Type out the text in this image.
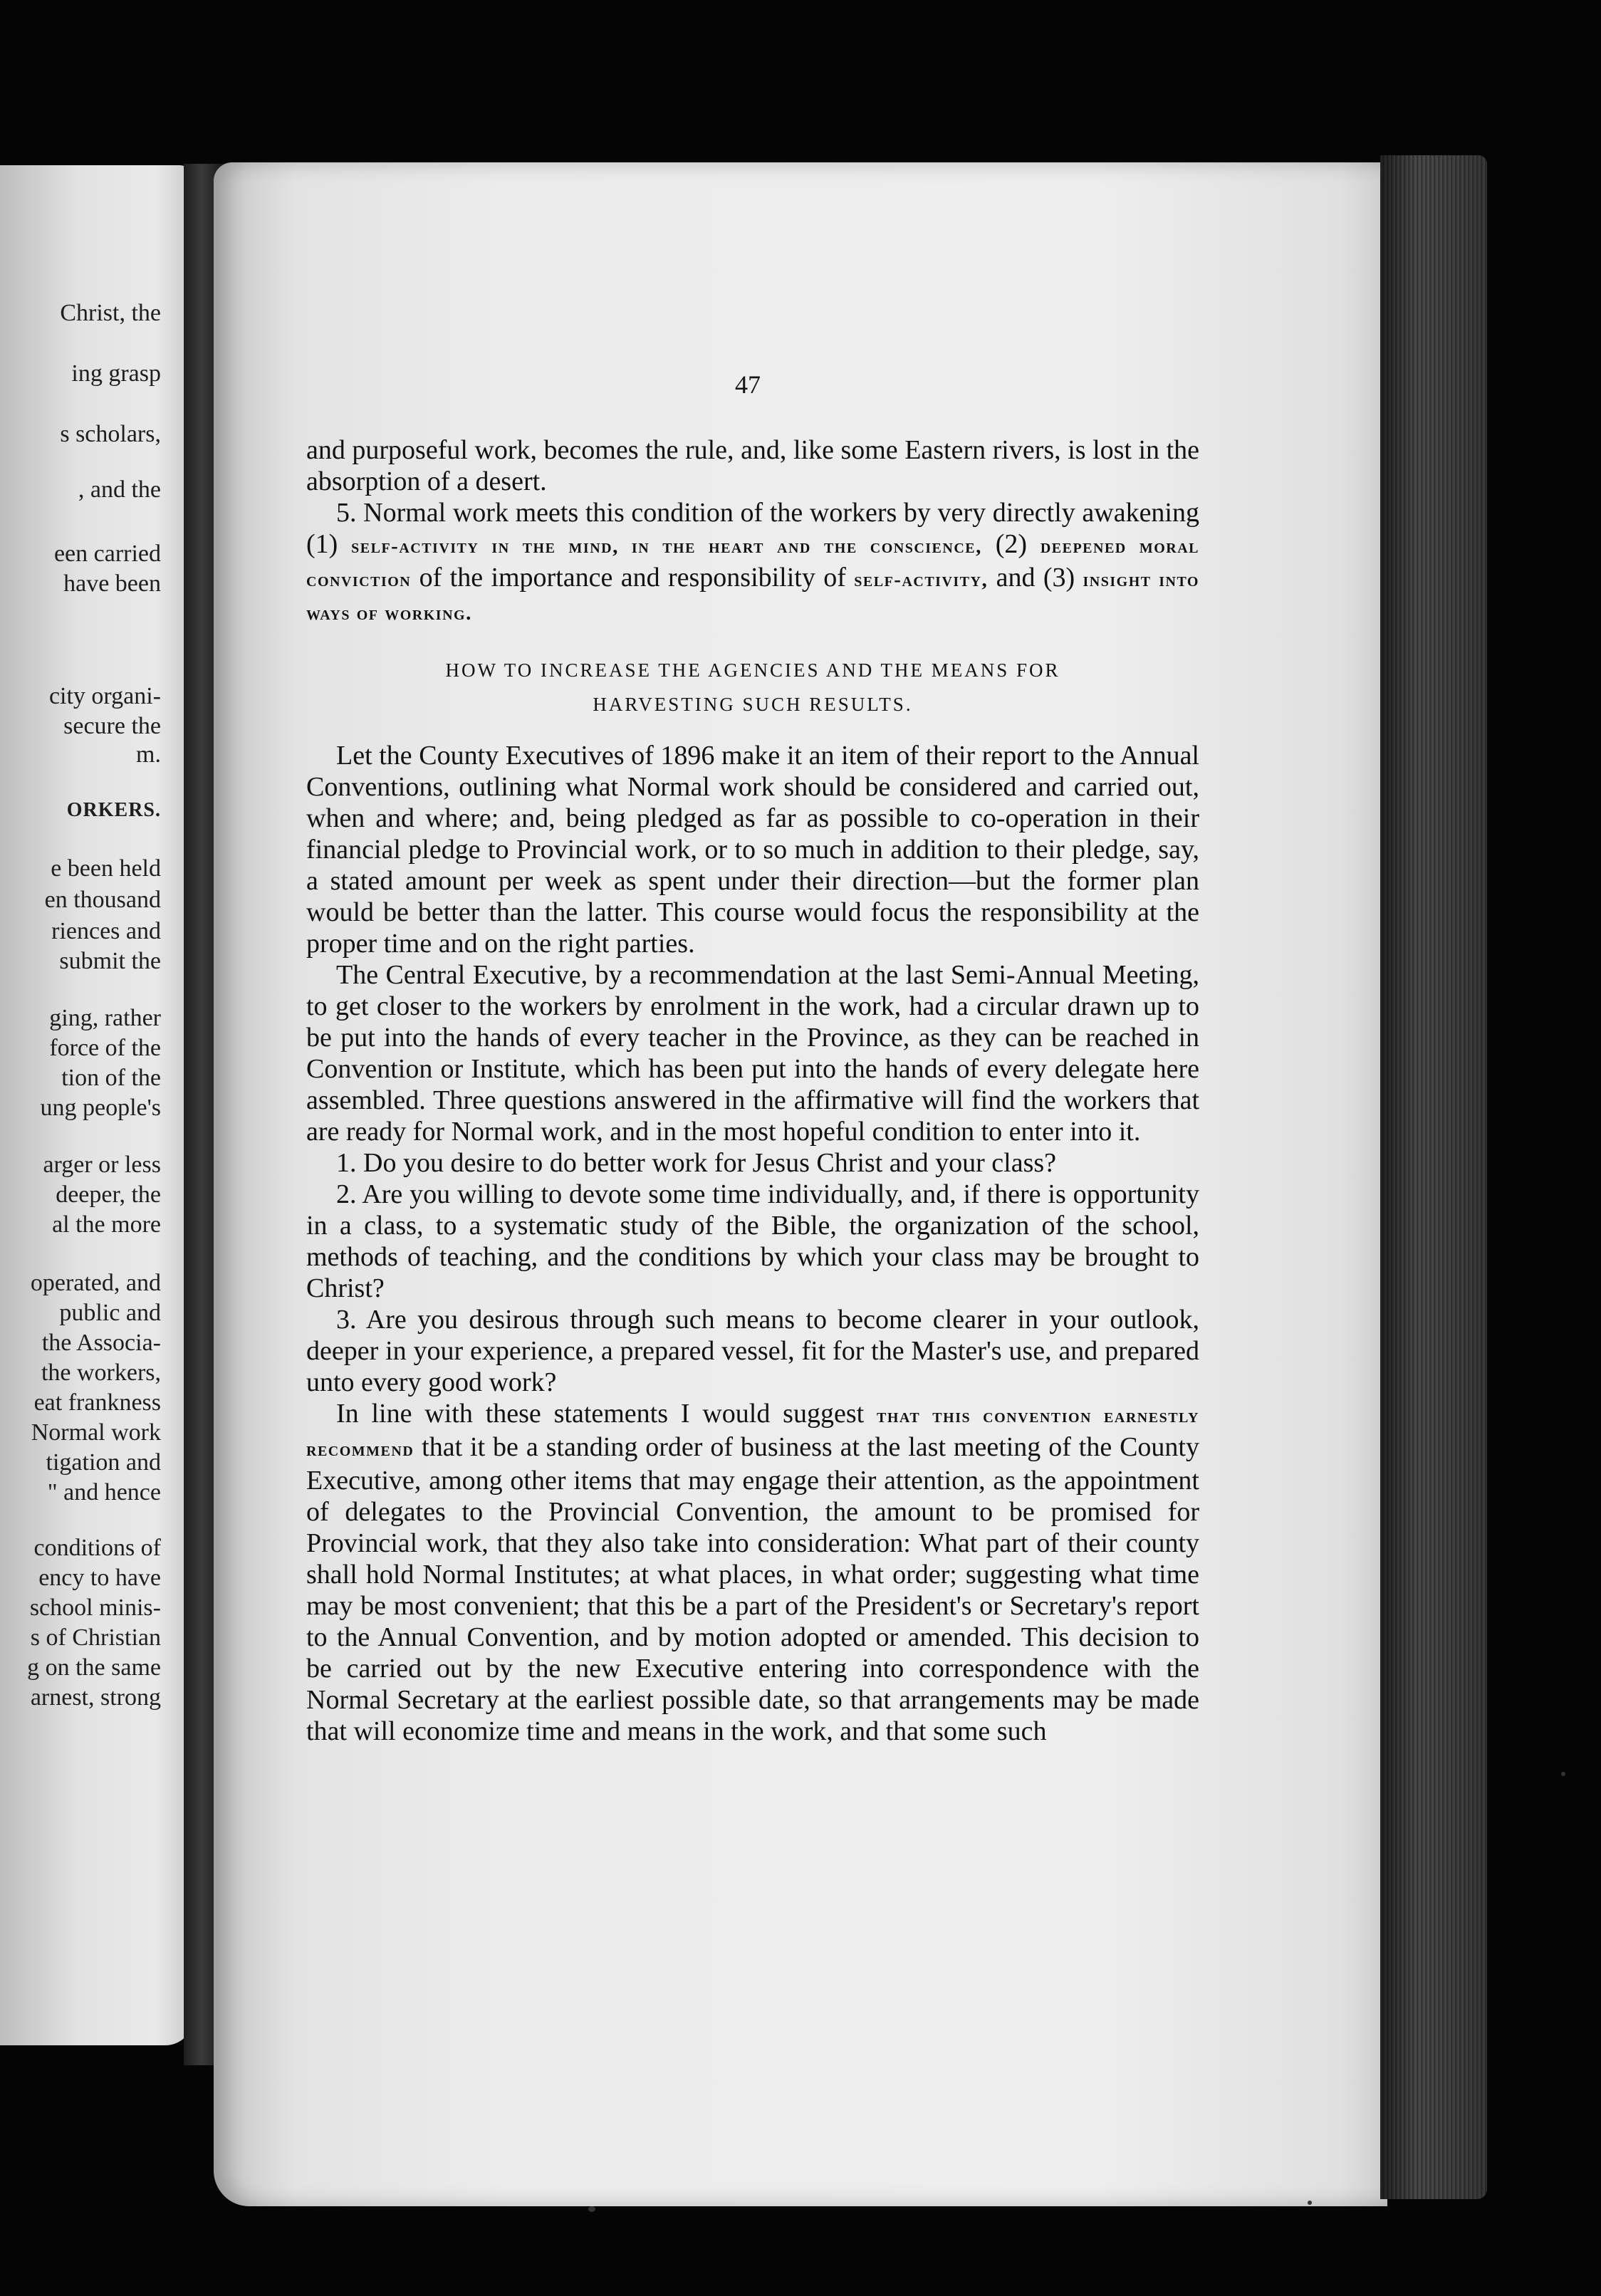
Christ, the
ing grasp
s scholars,
, and the
een carried
have been
city organi-
secure the
m.
ORKERS.
e been held
en thousand
riences and
submit the
ging, rather
force of the
tion of the
ung people's
arger or less
deeper, the
al the more
operated, and
public and
the Associa-
the workers,
eat frankness
Normal work
tigation and
" and hence
conditions of
ency to have
school minis-
s of Christian
g on the same
arnest, strong
47

and purposeful work, becomes the rule, and, like some Eastern rivers, is lost in the absorption of a desert.

5. Normal work meets this condition of the workers by very directly awakening (1) self-activity in the mind, in the heart and the conscience, (2) deepened moral conviction of the importance and responsibility of self-activity, and (3) insight into ways of working.

HOW TO INCREASE THE AGENCIES AND THE MEANS FOR
HARVESTING SUCH RESULTS.

Let the County Executives of 1896 make it an item of their report to the Annual Conventions, outlining what Normal work should be considered and carried out, when and where; and, being pledged as far as possible to co-operation in their financial pledge to Provincial work, or to so much in addition to their pledge, say, a stated amount per week as spent under their direction—but the former plan would be better than the latter. This course would focus the responsibility at the proper time and on the right parties.

The Central Executive, by a recommendation at the last Semi-Annual Meeting, to get closer to the workers by enrolment in the work, had a circular drawn up to be put into the hands of every teacher in the Province, as they can be reached in Convention or Institute, which has been put into the hands of every delegate here assembled. Three questions answered in the affirmative will find the workers that are ready for Normal work, and in the most hopeful condition to enter into it.

1. Do you desire to do better work for Jesus Christ and your class?

2. Are you willing to devote some time individually, and, if there is opportunity in a class, to a systematic study of the Bible, the organization of the school, methods of teaching, and the conditions by which your class may be brought to Christ?

3. Are you desirous through such means to become clearer in your outlook, deeper in your experience, a prepared vessel, fit for the Master's use, and prepared unto every good work?

In line with these statements I would suggest that this convention earnestly recommend that it be a standing order of business at the last meeting of the County Executive, among other items that may engage their attention, as the appointment of delegates to the Provincial Convention, the amount to be promised for Provincial work, that they also take into consideration: What part of their county shall hold Normal Institutes; at what places, in what order; suggesting what time may be most convenient; that this be a part of the President's or Secretary's report to the Annual Convention, and by motion adopted or amended. This decision to be carried out by the new Executive entering into correspondence with the Normal Secretary at the earliest possible date, so that arrangements may be made that will economize time and means in the work, and that some such
